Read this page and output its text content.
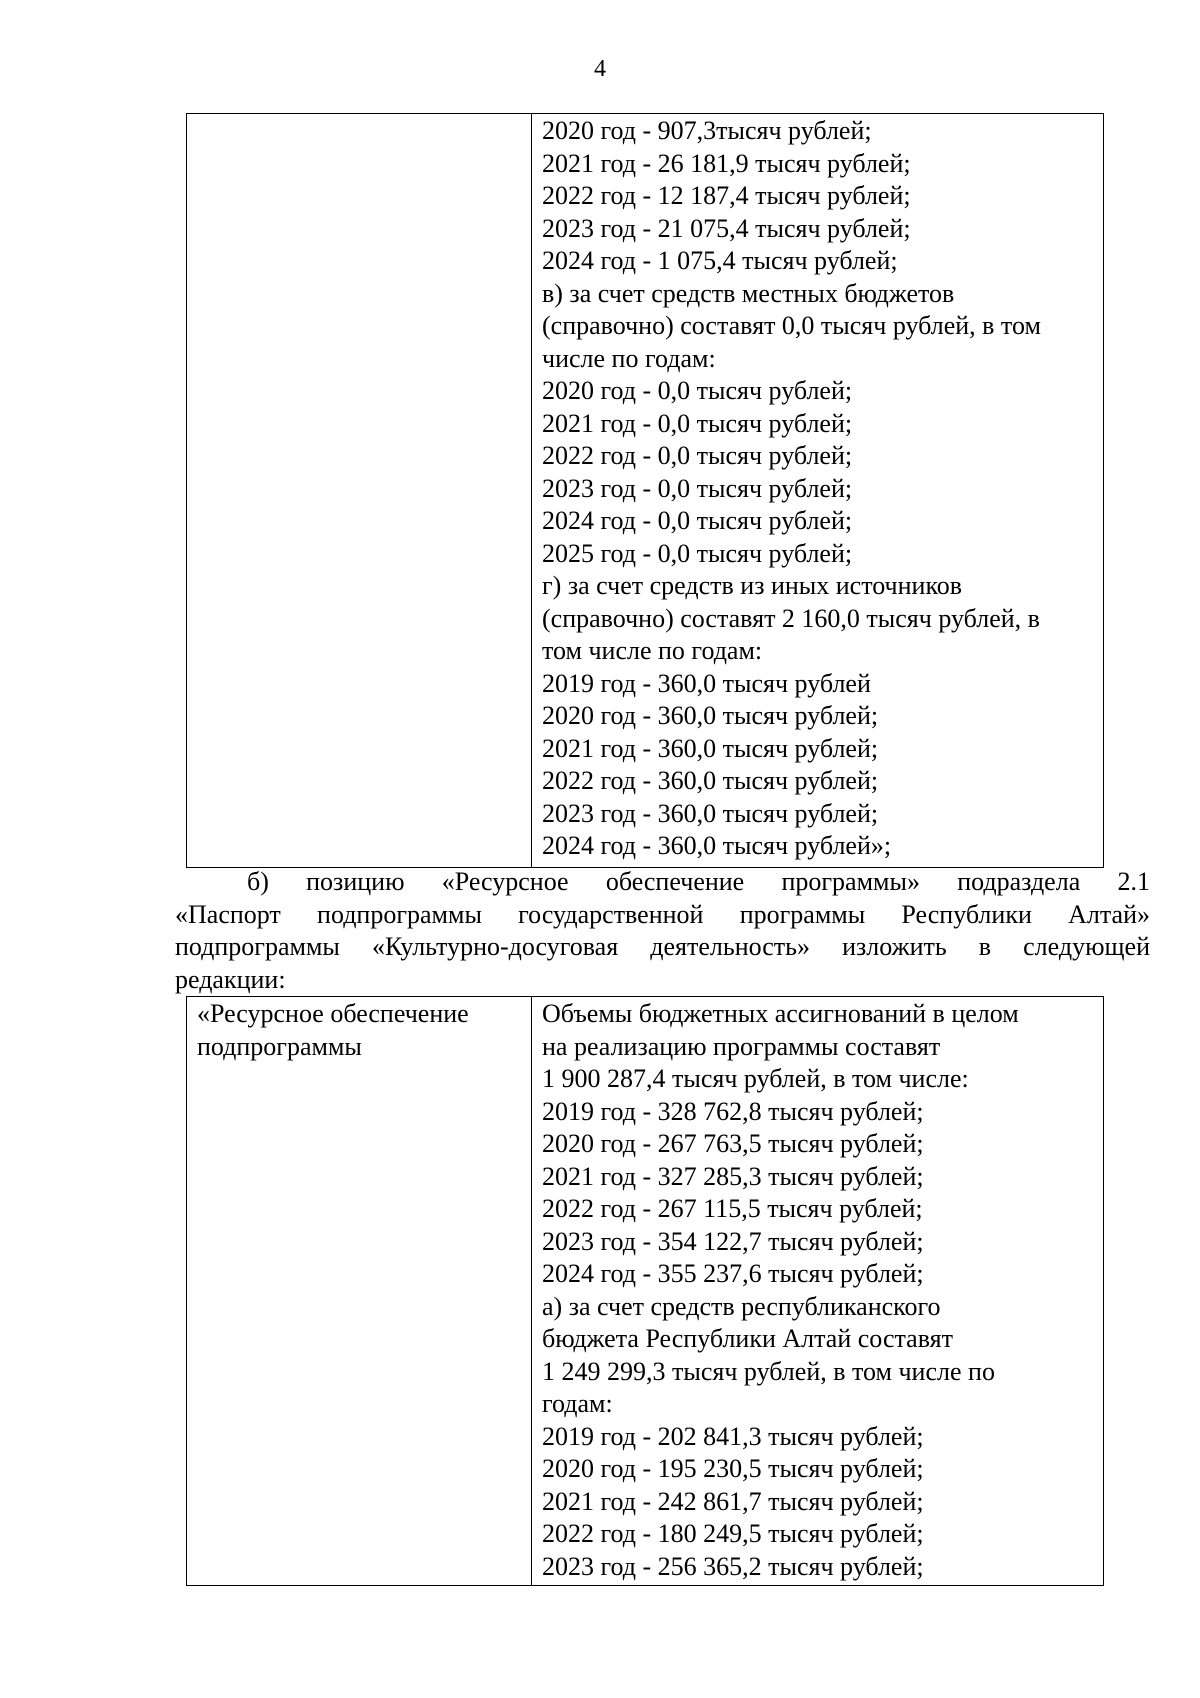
4

2020 год - 907,3тысяч рублей;
2021 год - 26 181,9 тысяч рублей;
2022 год - 12 187,4 тысяч рублей;
2023 год - 21 075,4 тысяч рублей;
2024 год - 1 075,4 тысяч рублей;
в) за счет средств местных бюджетов
(справочно) составят 0,0 тысяч рублей, в том
числе по годам:
2020 год - 0,0 тысяч рублей;
2021 год - 0,0 тысяч рублей;
2022 год - 0,0 тысяч рублей;
2023 год - 0,0 тысяч рублей;
2024 год - 0,0 тысяч рублей;
2025 год - 0,0 тысяч рублей;
г) за счет средств из иных источников
(справочно) составят 2 160,0 тысяч рублей, в
том числе по годам:
2019 год - 360,0 тысяч рублей
2020 год - 360,0 тысяч рублей;
2021 год - 360,0 тысяч рублей;
2022 год - 360,0 тысяч рублей;
2023 год - 360,0 тысяч рублей;
2024 год - 360,0 тысяч рублей»;
б) позицию «Ресурсное обеспечение программы» подраздела 2.1
«Паспорт подпрограммы государственной программы Республики Алтай»
подпрограммы «Культурно-досуговая деятельность» изложить в следующей
редакции:
«Ресурсное обеспечение
подпрограммы

Объемы бюджетных ассигнований в целом
на реализацию программы составят
1 900 287,4 тысяч рублей, в том числе:
2019 год - 328 762,8 тысяч рублей;
2020 год - 267 763,5 тысяч рублей;
2021 год - 327 285,3 тысяч рублей;
2022 год - 267 115,5 тысяч рублей;
2023 год - 354 122,7 тысяч рублей;
2024 год - 355 237,6 тысяч рублей;
а) за счет средств республиканского
бюджета Республики Алтай составят
1 249 299,3 тысяч рублей, в том числе по
годам:
2019 год - 202 841,3 тысяч рублей;
2020 год - 195 230,5 тысяч рублей;
2021 год - 242 861,7 тысяч рублей;
2022 год - 180 249,5 тысяч рублей;
2023 год - 256 365,2 тысяч рублей;
